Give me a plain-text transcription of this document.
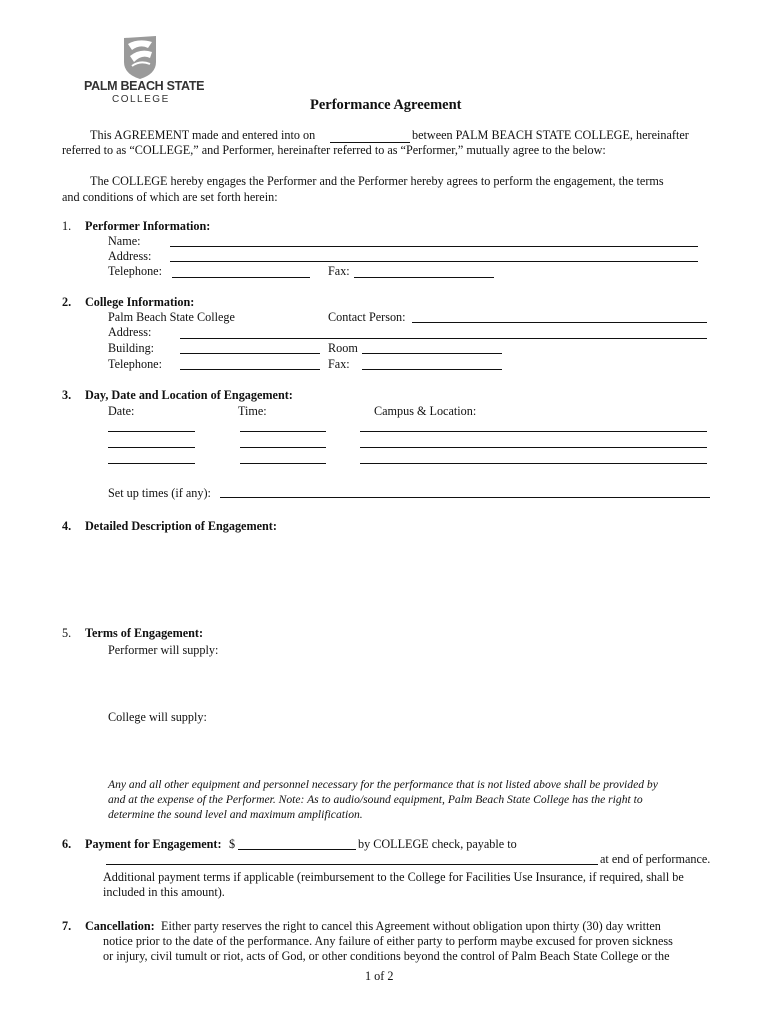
PALM BEACH STATE
COLLEGE	Performance Agreement
This AGREEMENT made and entered into on	between PALM BEACH STATE COLLEGE, hereinafter
referred to as “COLLEGE,” and Performer, hereinafter referred to as “Performer,” mutually agree to the below:
The COLLEGE hereby engages the Performer and the Performer hereby agrees to perform the engagement, the terms
and conditions of which are set forth herein:
1. Performer Information:
Name:
Address:
Telephone:	Fax:
2. College Information:
Palm Beach State College	Contact Person:
Address:
Building:	Room
Telephone:	Fax:
3. Day, Date and Location of Engagement:
Date:	Time:	Campus & Location:
Set up times (if any):
4. Detailed Description of Engagement:
5. Terms of Engagement:
Performer will supply:
College will supply:
Any and all other equipment and personnel necessary for the performance that is not listed above shall be provided by
and at the expense of the Performer. Note: As to audio/sound equipment, Palm Beach State College has the right to
determine the sound level and maximum amplification.
6. Payment for Engagement: $	by COLLEGE check, payable to
at end of performance.
Additional payment terms if applicable (reimbursement to the College for Facilities Use Insurance, if required, shall be
included in this amount).
7. Cancellation: Either party reserves the right to cancel this Agreement without obligation upon thirty (30) day written
notice prior to the date of the performance. Any failure of either party to perform maybe excused for proven sickness
or injury, civil tumult or riot, acts of God, or other conditions beyond the control of Palm Beach State College or the
1 of 2
